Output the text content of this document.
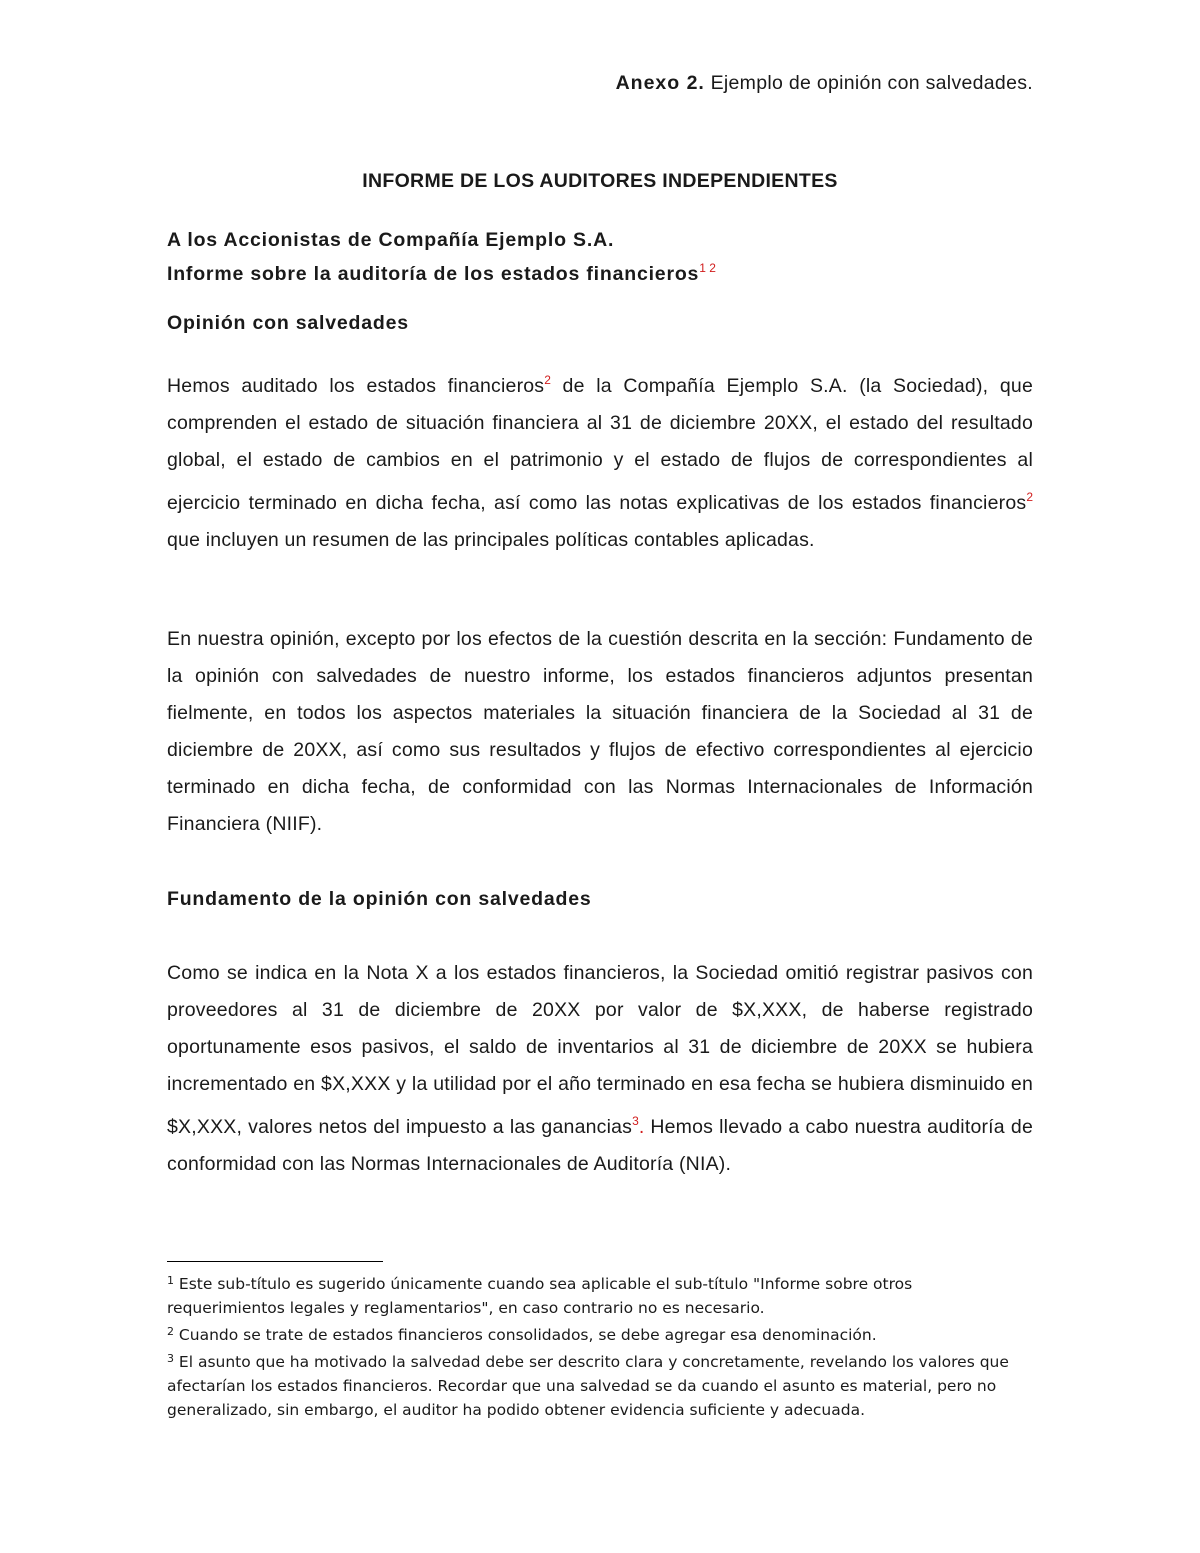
Anexo 2. Ejemplo de opinión con salvedades.
INFORME DE LOS AUDITORES INDEPENDIENTES
A los Accionistas de Compañía Ejemplo S.A.
Informe sobre la auditoría de los estados financieros$^{1 2}$
Opinión con salvedades
Hemos auditado los estados financieros$^2$ de la Compañía Ejemplo S.A. (la Sociedad), que comprenden el estado de situación financiera al 31 de diciembre 20XX, el estado del resultado global, el estado de cambios en el patrimonio y el estado de flujos de correspondientes al ejercicio terminado en dicha fecha, así como las notas explicativas de los estados financieros$^2$ que incluyen un resumen de las principales políticas contables aplicadas.
En nuestra opinión, excepto por los efectos de la cuestión descrita en la sección: Fundamento de la opinión con salvedades de nuestro informe, los estados financieros adjuntos presentan fielmente, en todos los aspectos materiales la situación financiera de la Sociedad al 31 de diciembre de 20XX, así como sus resultados y flujos de efectivo correspondientes al ejercicio terminado en dicha fecha, de conformidad con las Normas Internacionales de Información Financiera (NIIF).
Fundamento de la opinión con salvedades
Como se indica en la Nota X a los estados financieros, la Sociedad omitió registrar pasivos con proveedores al 31 de diciembre de 20XX por valor de $X,XXX, de haberse registrado oportunamente esos pasivos, el saldo de inventarios al 31 de diciembre de 20XX se hubiera incrementado en $X,XXX y la utilidad por el año terminado en esa fecha se hubiera disminuido en $X,XXX, valores netos del impuesto a las ganancias$^3$. Hemos llevado a cabo nuestra auditoría de conformidad con las Normas Internacionales de Auditoría (NIA).

$^1$ Este sub-título es sugerido únicamente cuando sea aplicable el sub-título "Informe sobre otros requerimientos legales y reglamentarios", en caso contrario no es necesario.

$^2$ Cuando se trate de estados financieros consolidados, se debe agregar esa denominación.

$^3$ El asunto que ha motivado la salvedad debe ser descrito clara y concretamente, revelando los valores que afectarían los estados financieros. Recordar que una salvedad se da cuando el asunto es material, pero no generalizado, sin embargo, el auditor ha podido obtener evidencia suficiente y adecuada.
